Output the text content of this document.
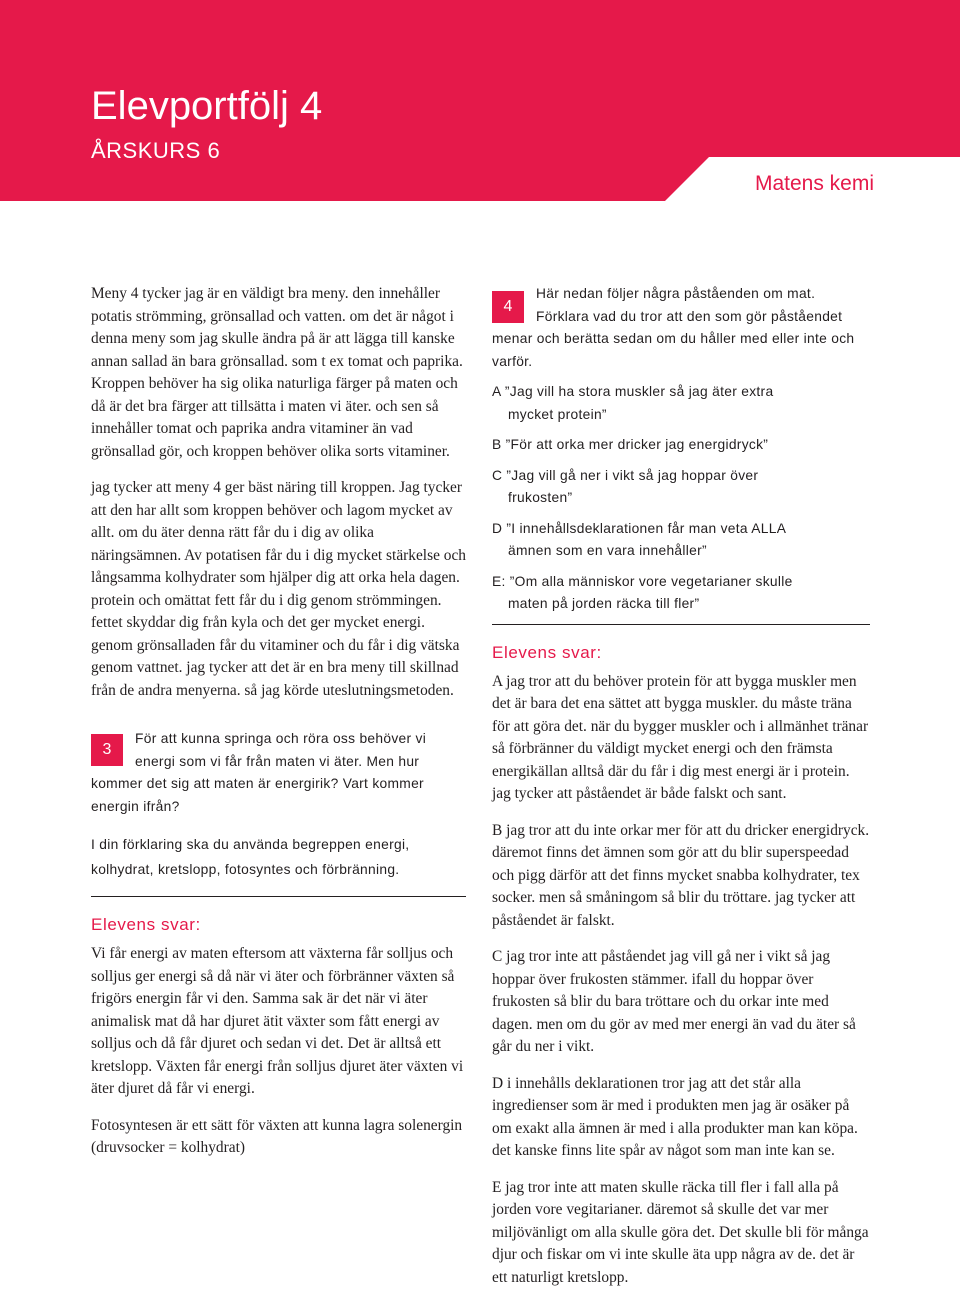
Elevportfölj 4
ÅRSKURS 6
Matens kemi

Meny 4 tycker jag är en väldigt bra meny. den innehåller potatis strömming, grönsallad och vatten. om det är något i denna meny som jag skulle ändra på är att lägga till kanske annan sallad än bara grönsallad. som t ex tomat och paprika. Kroppen behöver ha sig olika naturliga färger på maten och då är det bra färger att tillsätta i maten vi äter. och sen så innehåller tomat och paprika andra vitaminer än vad grönsallad gör, och kroppen behöver olika sorts vitaminer.

jag tycker att meny 4 ger bäst näring till kroppen. Jag tycker att den har allt som kroppen behöver och lagom mycket av allt. om du äter denna rätt får du i dig av olika näringsämnen. Av potatisen får du i dig mycket stärkelse och långsamma kolhydrater som hjälper dig att orka hela dagen. protein och omättat fett får du i dig genom strömmingen. fettet skyddar dig från kyla och det ger mycket energi. genom grönsalladen får du vitaminer och du får i dig vätska genom vattnet. jag tycker att det är en bra meny till skillnad från de andra menyerna. så jag körde uteslutningsmetoden.

3

För att kunna springa och röra oss behöver vi energi som vi får från maten vi äter. Men hur kommer det sig att maten är energirik? Vart kommer energin ifrån?

I din förklaring ska du använda begreppen energi, kolhydrat, kretslopp, fotosyntes och förbränning.

Elevens svar:

Vi får energi av maten eftersom att växterna får solljus och solljus ger energi så då när vi äter och förbränner växten så frigörs energin får vi den. Samma sak är det när vi äter animalisk mat då har djuret ätit växter som fått energi av solljus och då får djuret och sedan vi det. Det är alltså ett kretslopp. Växten får energi från solljus djuret äter växten vi äter djuret då får vi energi.

Fotosyntesen är ett sätt för växten att kunna lagra solenergin (druvsocker = kolhydrat)

4

Här nedan följer några påståenden om mat. Förklara vad du tror att den som gör påståendet menar och berätta sedan om du håller med eller inte och varför.

A ”Jag vill ha stora muskler så jag äter extra
mycket protein”

B ”För att orka mer dricker jag energidryck”

C ”Jag vill gå ner i vikt så jag hoppar över
frukosten”

D ”I innehållsdeklarationen får man veta ALLA
ämnen som en vara innehåller”

E: ”Om alla människor vore vegetarianer skulle
maten på jorden räcka till fler”

Elevens svar:

A jag tror att du behöver protein för att bygga muskler men det är bara det ena sättet att bygga muskler. du måste träna för att göra det. när du bygger muskler och i allmänhet tränar så förbränner du väldigt mycket energi och den främsta energikällan alltså där du får i dig mest energi är i protein. jag tycker att påståendet är både falskt och sant.

B jag tror att du inte orkar mer för att du dricker energidryck. däremot finns det ämnen som gör att du blir superspeedad och pigg därför att det finns mycket snabba kolhydrater, tex socker. men så småningom så blir du tröttare. jag tycker att påståendet är falskt.

C jag tror inte att påståendet jag vill gå ner i vikt så jag hoppar över frukosten stämmer. ifall du hoppar över frukosten så blir du bara tröttare och du orkar inte med dagen. men om du gör av med mer energi än vad du äter så går du ner i vikt.

D i innehålls deklarationen tror jag att det står alla ingredienser som är med i produkten men jag är osäker på om exakt alla ämnen är med i alla produkter man kan köpa. det kanske finns lite spår av något som man inte kan se.

E jag tror inte att maten skulle räcka till fler i fall alla på jorden vore vegitarianer. däremot så skulle det var mer miljövänligt om alla skulle göra det. Det skulle bli för många djur och fiskar om vi inte skulle äta upp några av de. det är ett naturligt kretslopp.
